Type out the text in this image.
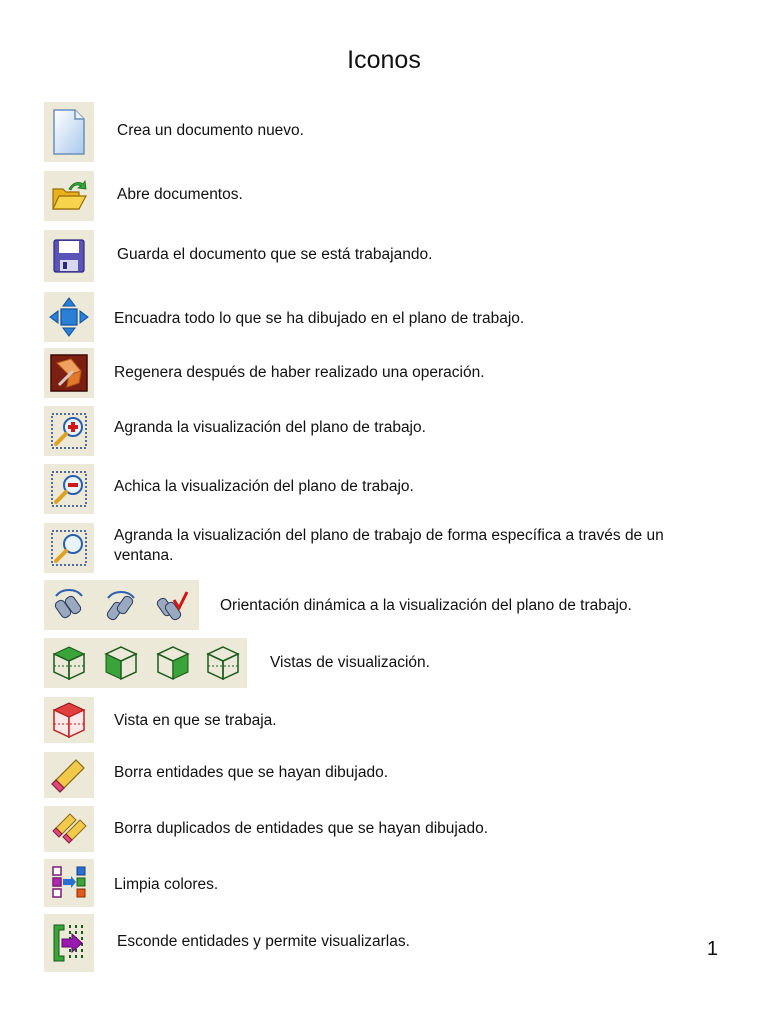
Iconos
Crea un documento nuevo.
Abre documentos.
Guarda el documento que se está trabajando.
Encuadra todo lo que se ha dibujado en el plano de trabajo.
Regenera después de haber realizado una operación.
Agranda la visualización del plano de trabajo.
Achica la visualización del plano de trabajo.
Agranda la visualización del plano de trabajo de forma específica a través de un ventana.
Orientación dinámica a la visualización del plano de trabajo.
Vistas de visualización.
Vista en que se trabaja.
Borra entidades que se hayan dibujado.
Borra duplicados de entidades que se hayan dibujado.
Limpia colores.
Esconde entidades y permite visualizarlas.	1
